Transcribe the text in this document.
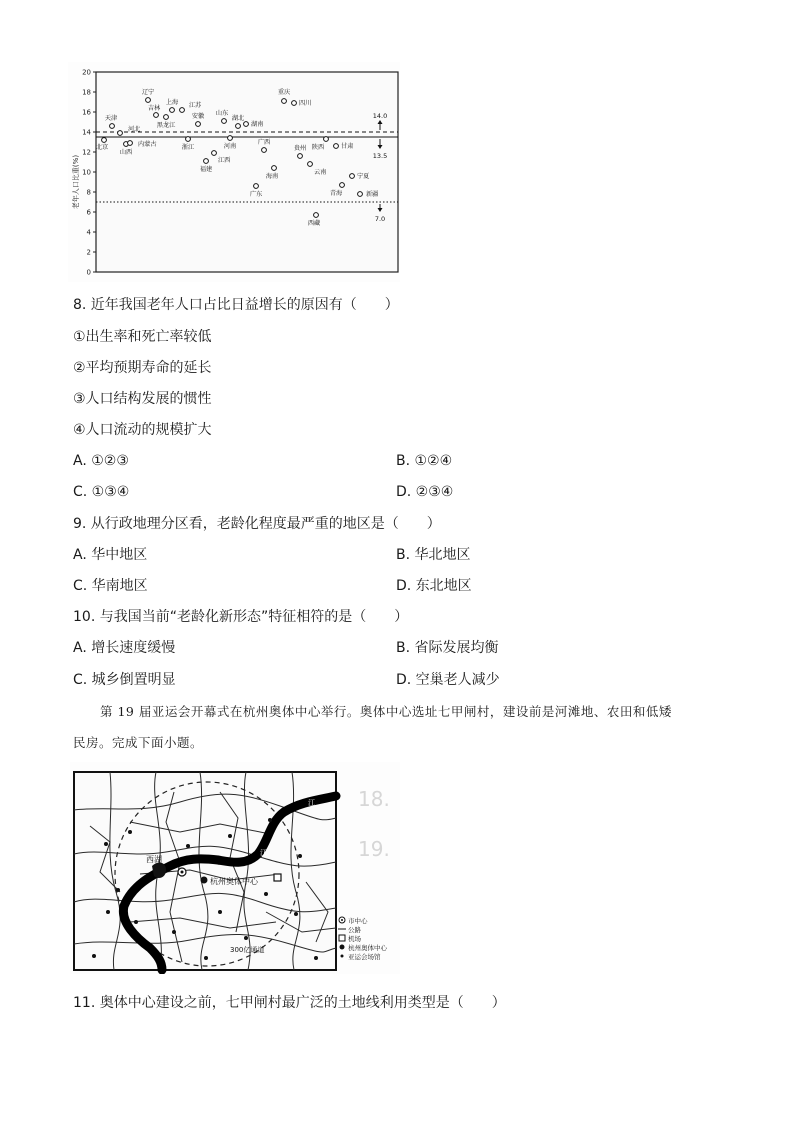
老年人口比重(%)
0
2
4
6
8
10
12
14
16
18
20
14.0
13.5
7.0
北京
天津
河北
山西
辽宁
吉林
内蒙古
黑龙江
上海 江苏
浙江
安徽
福建
江西
山东
河南
湖北
湖南
广东
广西
海南
重庆
四川
贵州
云南
西藏
陕西	甘肃
青海
宁夏
新疆
8. 近年我国老年人口占比日益增长的原因有（　　）
①出生率和死亡率较低
②平均预期寿命的延长
③人口结构发展的惯性
④人口流动的规模扩大
A. ①②③	B. ①②④
C. ①③④	D. ②③④
9. 从行政地理分区看，老龄化程度最严重的地区是（　　）
A. 华中地区	B. 华北地区
C. 华南地区	D. 东北地区
10. 与我国当前“老龄化新形态”特征相符的是（　　）
A. 增长速度缓慢	B. 省际发展均衡
C. 城乡倒置明显	D. 空巢老人减少
第 19 届亚运会开幕式在杭州奥体中心举行。奥体中心选址七甲闸村，建设前是河滩地、农田和低矮
民房。完成下面小题。
18.
19.
江
江
西湖
杭州奥体中心
300亿通道
市中心
公路
机场
杭州奥体中心
亚运会场馆
11. 奥体中心建设之前，七甲闸村最广泛的土地线利用类型是（　　）
